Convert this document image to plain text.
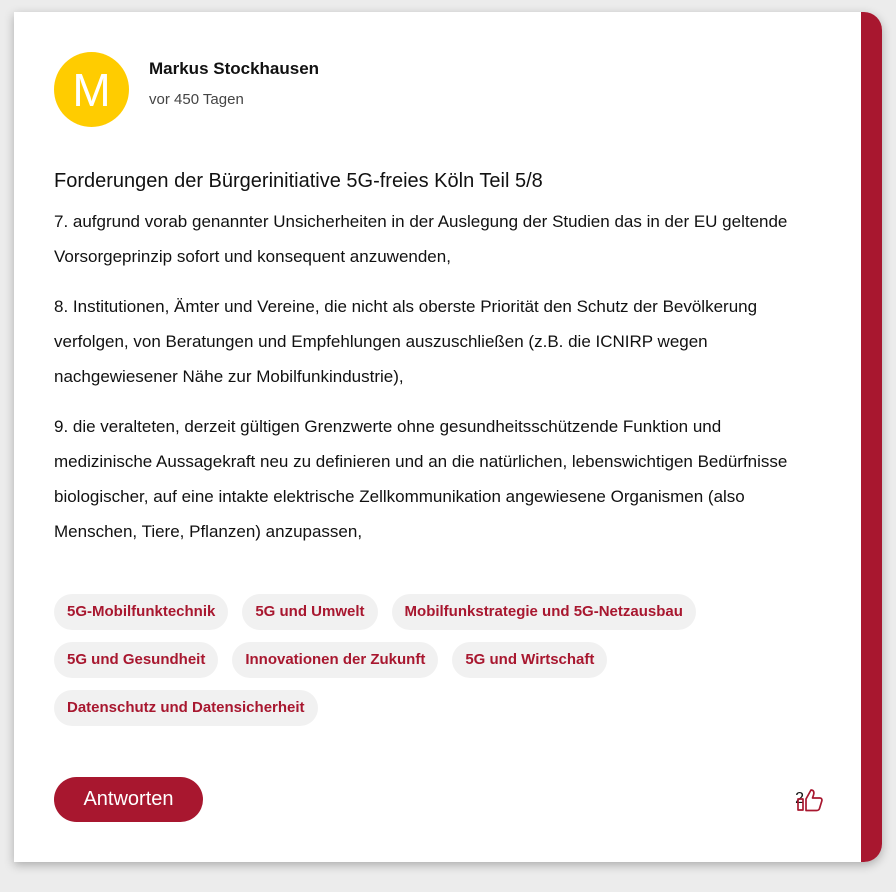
M	Markus Stockhausen
vor 450 Tagen
Forderungen der Bürgerinitiative 5G-freies Köln Teil 5/8

7. aufgrund vorab genannter Unsicherheiten in der Auslegung der Studien das in der EU geltende Vorsorgeprinzip sofort und konsequent anzuwenden,

8. Institutionen, Ämter und Vereine, die nicht als oberste Priorität den Schutz der Bevölkerung verfolgen, von Beratungen und Empfehlungen auszuschließen (z.B. die ICNIRP wegen nachgewiesener Nähe zur Mobilfunkindustrie),

9. die veralteten, derzeit gültigen Grenzwerte ohne gesundheitsschützende Funktion und medizinische Aussagekraft neu zu definieren und an die natürlichen, lebenswichtigen Bedürfnisse biologischer, auf eine intakte elektrische Zellkommunikation angewiesene Organismen (also Menschen, Tiere, Pflanzen) anzupassen,

5G-Mobilfunktechnik	5G und Umwelt	Mobilfunkstrategie und 5G-Netzausbau
5G und Gesundheit	Innovationen der Zukunft	5G und Wirtschaft
Datenschutz und Datensicherheit
Antworten	2
